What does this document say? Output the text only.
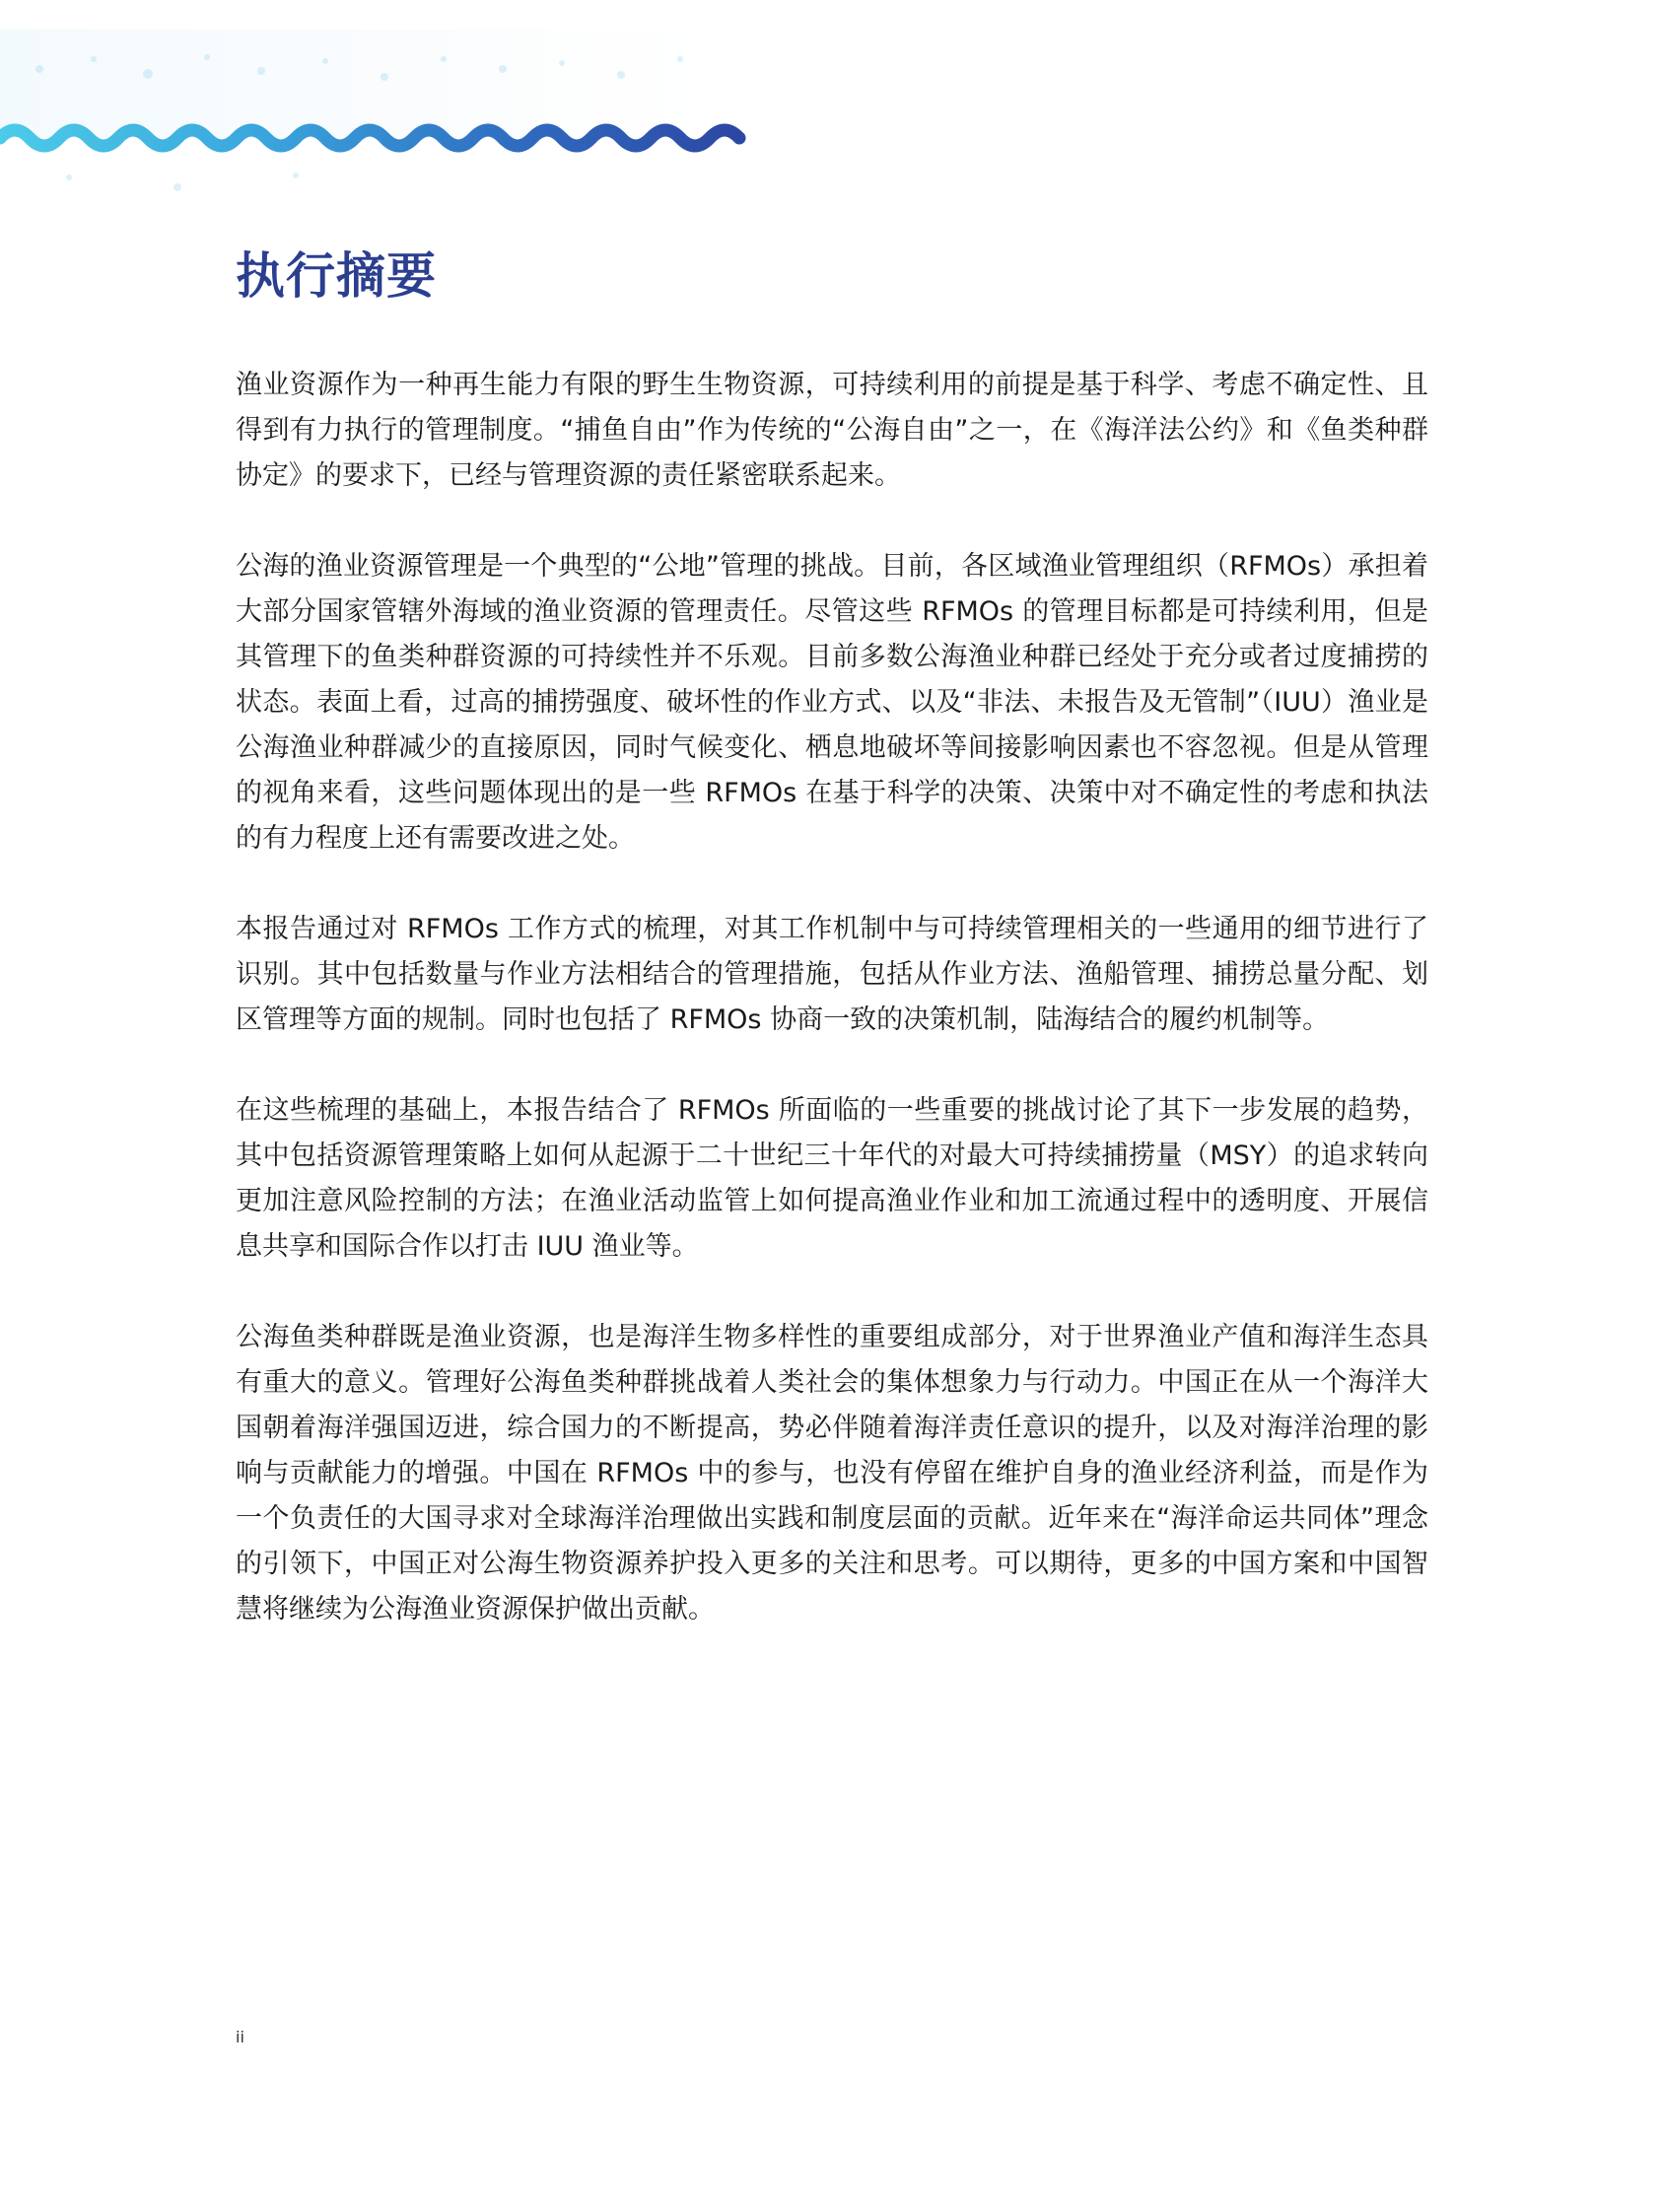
执行摘要

渔业资源作为一种再生能力有限的野生生物资源，可持续利用的前提是基于科学、考虑不确定性、且得到有力执行的管理制度。“捕鱼自由”作为传统的“公海自由”之一，在《海洋法公约》和《鱼类种群协定》的要求下，已经与管理资源的责任紧密联系起来。

公海的渔业资源管理是一个典型的“公地”管理的挑战。目前，各区域渔业管理组织（RFMOs）承担着大部分国家管辖外海域的渔业资源的管理责任。尽管这些 RFMOs 的管理目标都是可持续利用，但是其管理下的鱼类种群资源的可持续性并不乐观。目前多数公海渔业种群已经处于充分或者过度捕捞的状态。表面上看，过高的捕捞强度、破坏性的作业方式、以及“非法、未报告及无管制”（IUU）渔业是公海渔业种群减少的直接原因，同时气候变化、栖息地破坏等间接影响因素也不容忽视。但是从管理的视角来看，这些问题体现出的是一些 RFMOs 在基于科学的决策、决策中对不确定性的考虑和执法的有力程度上还有需要改进之处。

本报告通过对 RFMOs 工作方式的梳理，对其工作机制中与可持续管理相关的一些通用的细节进行了识别。其中包括数量与作业方法相结合的管理措施，包括从作业方法、渔船管理、捕捞总量分配、划区管理等方面的规制。同时也包括了 RFMOs 协商一致的决策机制，陆海结合的履约机制等。

在这些梳理的基础上，本报告结合了 RFMOs 所面临的一些重要的挑战讨论了其下一步发展的趋势，其中包括资源管理策略上如何从起源于二十世纪三十年代的对最大可持续捕捞量（MSY）的追求转向更加注意风险控制的方法；在渔业活动监管上如何提高渔业作业和加工流通过程中的透明度、开展信息共享和国际合作以打击 IUU 渔业等。

公海鱼类种群既是渔业资源，也是海洋生物多样性的重要组成部分，对于世界渔业产值和海洋生态具有重大的意义。管理好公海鱼类种群挑战着人类社会的集体想象力与行动力。中国正在从一个海洋大国朝着海洋强国迈进，综合国力的不断提高，势必伴随着海洋责任意识的提升，以及对海洋治理的影响与贡献能力的增强。中国在 RFMOs 中的参与，也没有停留在维护自身的渔业经济利益，而是作为一个负责任的大国寻求对全球海洋治理做出实践和制度层面的贡献。近年来在“海洋命运共同体”理念的引领下，中国正对公海生物资源养护投入更多的关注和思考。可以期待，更多的中国方案和中国智慧将继续为公海渔业资源保护做出贡献。

ii
